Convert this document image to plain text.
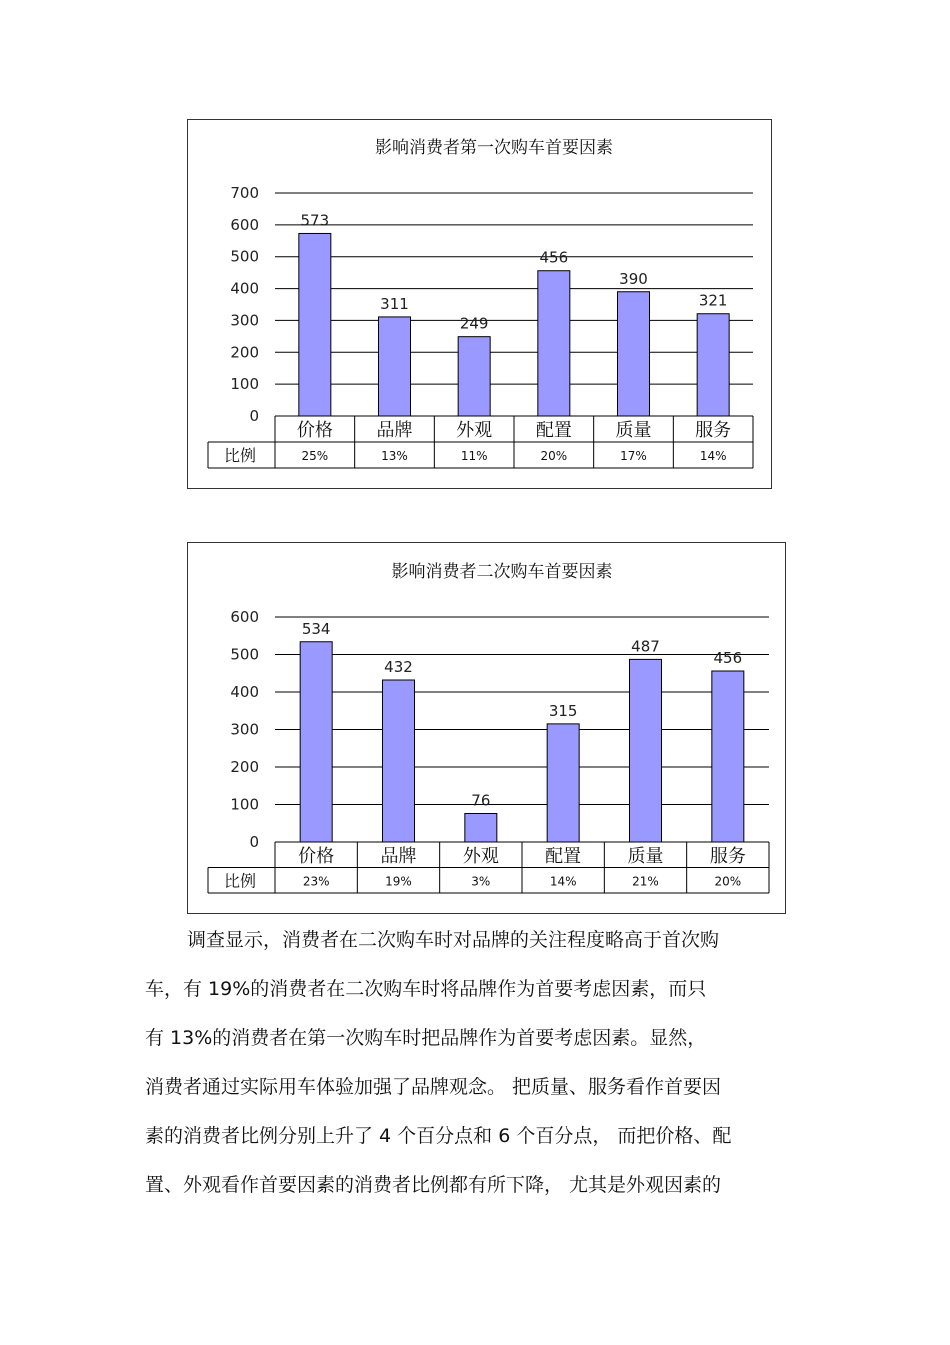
影响消费者第一次购车首要因素
0
100
200
300
400
500
600
700
573
311
249
456
390
321
比例
价格
25%
品牌
13%
外观
11%
配置
20%
质量
17%
服务
14%
影响消费者二次购车首要因素
0
100
200
300
400
500
600
534
432
76
315
487
456
比例
价格
23%
品牌
19%
外观
3%
配置
14%
质量
21%
服务
20%

调查显示，消费者在二次购车时对品牌的关注程度略高于首次购

车，有 19%的消费者在二次购车时将品牌作为首要考虑因素，而只

有 13%的消费者在第一次购车时把品牌作为首要考虑因素。显然，

消费者通过实际用车体验加强了品牌观念。 把质量、服务看作首要因

素的消费者比例分别上升了 4 个百分点和 6 个百分点， 而把价格、配

置、外观看作首要因素的消费者比例都有所下降， 尤其是外观因素的
